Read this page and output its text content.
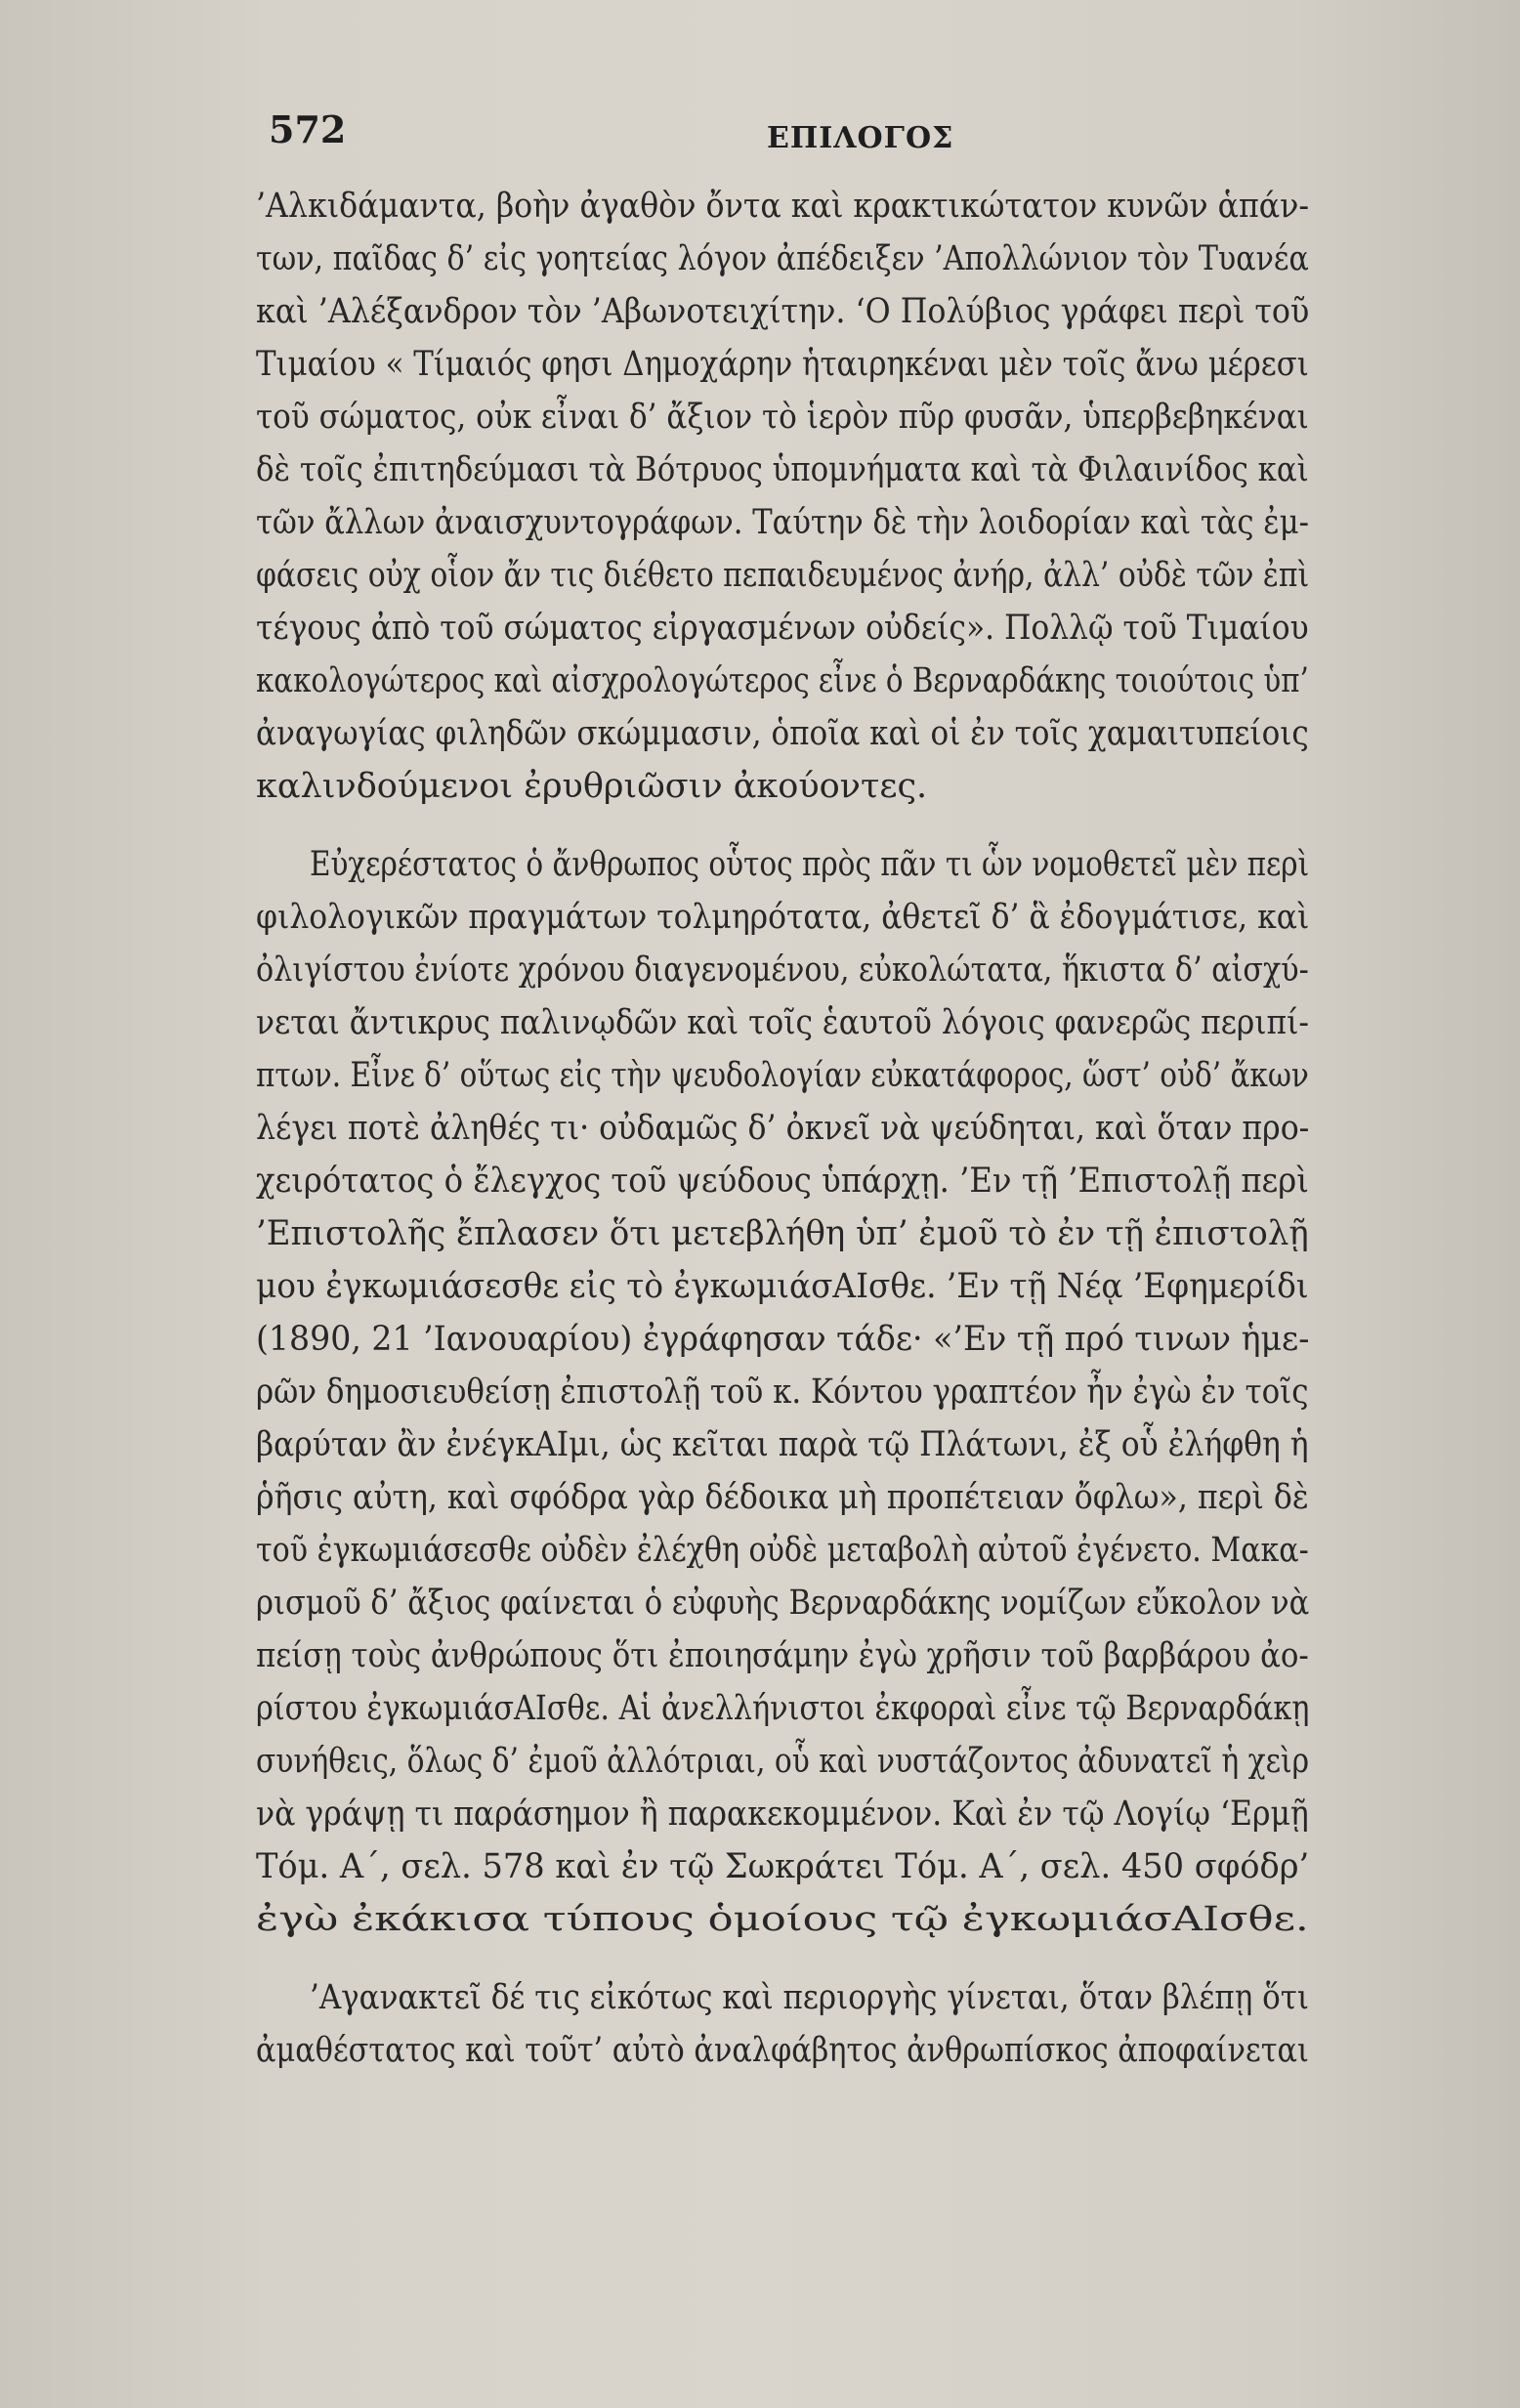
572	ΕΠΙΛΟΓΟΣ
’Αλκιδάμαντα, βοὴν ἀγαθὸν ὄντα καὶ κρακτικώτατον κυνῶν ἁπάν-
των, παῖδας δ’ εἰς γοητείας λόγον ἀπέδειξεν ’Απολλώνιον τὸν Τυανέα
καὶ ’Αλέξανδρον τὸν ’Αβωνοτειχίτην. ‘Ο Πολύβιος γράφει περὶ τοῦ
Τιμαίου « Τίμαιός φησι Δημοχάρην ἡταιρηκέναι μὲν τοῖς ἄνω μέρεσι
τοῦ σώματος, οὐκ εἶναι δ’ ἄξιον τὸ ἱερὸν πῦρ φυσᾶν, ὑπερβεβηκέναι
δὲ τοῖς ἐπιτηδεύμασι τὰ Βότρυος ὑπομνήματα καὶ τὰ Φιλαινίδος καὶ
τῶν ἄλλων ἀναισχυντογράφων. Ταύτην δὲ τὴν λοιδορίαν καὶ τὰς ἐμ-
φάσεις οὐχ οἷον ἄν τις διέθετο πεπαιδευμένος ἀνήρ, ἀλλ’ οὐδὲ τῶν ἐπὶ
τέγους ἀπὸ τοῦ σώματος εἰργασμένων οὐδείς». Πολλῷ τοῦ Τιμαίου
κακολογώτερος καὶ αἰσχρολογώτερος εἶνε ὁ Βερναρδάκης τοιούτοις ὑπ’
ἀναγωγίας φιληδῶν σκώμμασιν, ὁποῖα καὶ οἱ ἐν τοῖς χαμαιτυπείοις
καλινδούμενοι ἐρυθριῶσιν ἀκούοντες.
Εὐχερέστατος ὁ ἄνθρωπος οὗτος πρὸς πᾶν τι ὧν νομοθετεῖ μὲν περὶ
φιλολογικῶν πραγμάτων τολμηρότατα, ἀθετεῖ δ’ ἃ ἐδογμάτισε, καὶ
ὀλιγίστου ἐνίοτε χρόνου διαγενομένου, εὐκολώτατα, ἥκιστα δ’ αἰσχύ-
νεται ἄντικρυς παλινῳδῶν καὶ τοῖς ἑαυτοῦ λόγοις φανερῶς περιπί-
πτων. Εἶνε δ’ οὕτως εἰς τὴν ψευδολογίαν εὐκατάφορος, ὥστ’ οὐδ’ ἄκων
λέγει ποτὲ ἀληθές τι· οὐδαμῶς δ’ ὀκνεῖ νὰ ψεύδηται, καὶ ὅταν προ-
χειρότατος ὁ ἔλεγχος τοῦ ψεύδους ὑπάρχῃ. ’Εν τῇ ’Επιστολῇ περὶ
’Επιστολῆς ἔπλασεν ὅτι μετεβλήθη ὑπ’ ἐμοῦ τὸ ἐν τῇ ἐπιστολῇ
μου ἐγκωμιάσεσθε εἰς τὸ ἐγκωμιάσΑΙσθε. ’Εν τῇ Νέᾳ ’Εφημερίδι
(1890, 21 ’Ιανουαρίου) ἐγράφησαν τάδε· «’Εν τῇ πρό τινων ἡμε-
ρῶν δημοσιευθείσῃ ἐπιστολῇ τοῦ κ. Κόντου γραπτέον ἦν ἐγὼ ἐν τοῖς
βαρύταν ἂν ἐνέγκΑΙμι, ὡς κεῖται παρὰ τῷ Πλάτωνι, ἐξ οὗ ἐλήφθη ἡ
ῥῆσις αὐτη, καὶ σφόδρα γὰρ δέδοικα μὴ προπέτειαν ὄφλω», περὶ δὲ
τοῦ ἐγκωμιάσεσθε οὐδὲν ἐλέχθη οὐδὲ μεταβολὴ αὐτοῦ ἐγένετο. Μακα-
ρισμοῦ δ’ ἄξιος φαίνεται ὁ εὐφυὴς Βερναρδάκης νομίζων εὔκολον νὰ
πείσῃ τοὺς ἀνθρώπους ὅτι ἐποιησάμην ἐγὼ χρῆσιν τοῦ βαρβάρου ἀο-
ρίστου ἐγκωμιάσΑΙσθε. Αἱ ἀνελλήνιστοι ἐκφοραὶ εἶνε τῷ Βερναρδάκῃ
συνήθεις, ὅλως δ’ ἐμοῦ ἀλλότριαι, οὗ καὶ νυστάζοντος ἀδυνατεῖ ἡ χεὶρ
νὰ γράψῃ τι παράσημον ἢ παρακεκομμένον. Καὶ ἐν τῷ Λογίῳ ‘Ερμῇ
Τόμ. Α΄, σελ. 578 καὶ ἐν τῷ Σωκράτει Τόμ. Α΄, σελ. 450 σφόδρ’
ἐγὼ ἐκάκισα τύπους ὁμοίους τῷ ἐγκωμιάσΑΙσθε.
’Αγανακτεῖ δέ τις εἰκότως καὶ περιοργὴς γίνεται, ὅταν βλέπῃ ὅτι
ἀμαθέστατος καὶ τοῦτ’ αὐτὸ ἀναλφάβητος ἀνθρωπίσκος ἀποφαίνεται
